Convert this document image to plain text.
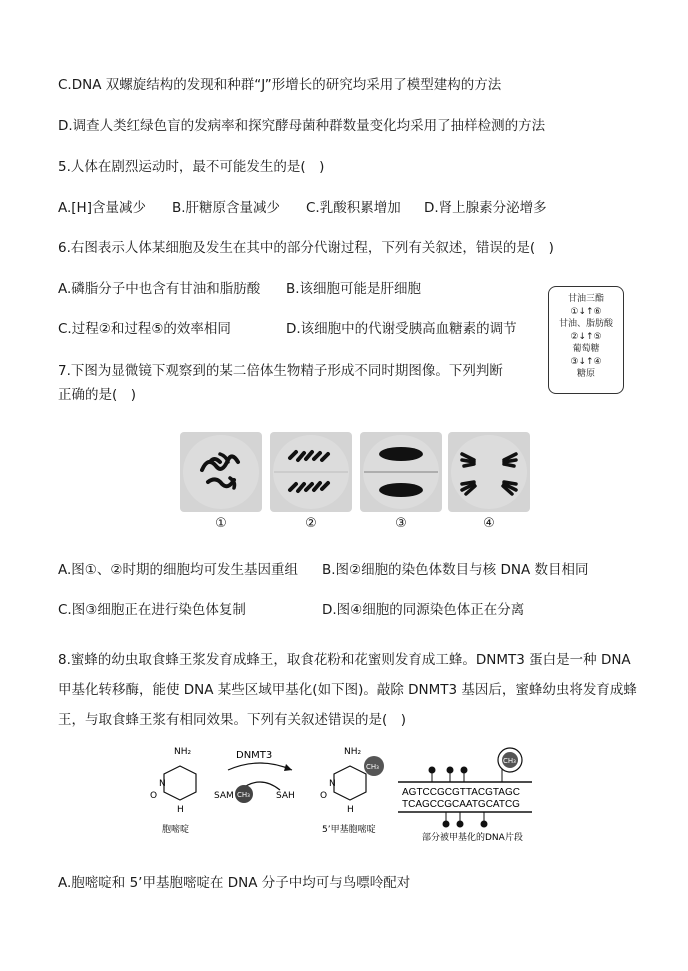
C.DNA 双螺旋结构的发现和种群“J”形增长的研究均采用了模型建构的方法
D.调查人类红绿色盲的发病率和探究酵母菌种群数量变化均采用了抽样检测的方法
5.人体在剧烈运动时，最不可能发生的是(　)
A.[H]含量减少 B.肝糖原含量减少 C.乳酸积累增加 D.肾上腺素分泌增多
6.右图表示人体某细胞及发生在其中的部分代谢过程，下列有关叙述，错误的是(　)
A.磷脂分子中也含有甘油和脂肪酸 B.该细胞可能是肝细胞
C.过程②和过程⑤的效率相同	D.该细胞中的代谢受胰高血糖素的调节
甘油三酯
①↓↑⑥
甘油、脂肪酸
②↓↑⑤
葡萄糖
③↓↑④
糖原
7.下图为显微镜下观察到的某二倍体生物精子形成不同时期图像。下列判断
正确的是(　)
①	②	③	④
A.图①、②时期的细胞均可发生基因重组 B.图②细胞的染色体数目与核 DNA 数目相同
C.图③细胞正在进行染色体复制	D.图④细胞的同源染色体正在分离
8.蜜蜂的幼虫取食蜂王浆发育成蜂王，取食花粉和花蜜则发育成工蜂。DNMT3 蛋白是一种 DNA
甲基化转移酶，能使 DNA 某些区域甲基化(如下图)。敲除 DNMT3 基因后，蜜蜂幼虫将发育成蜂
王，与取食蜂王浆有相同效果。下列有关叙述错误的是(　)
NH₂
N
O
H
胞嘧啶
DNMT3
SAM CH₃	SAH
CH₃
NH₂
N
O
H
5’甲基胞嘧啶
CH₃
AGTCCGCGTTACGTAGC
TCAGCCGCAATGCATCG
部分被甲基化的DNA片段
A.胞嘧啶和 5’甲基胞嘧啶在 DNA 分子中均可与鸟嘌呤配对
